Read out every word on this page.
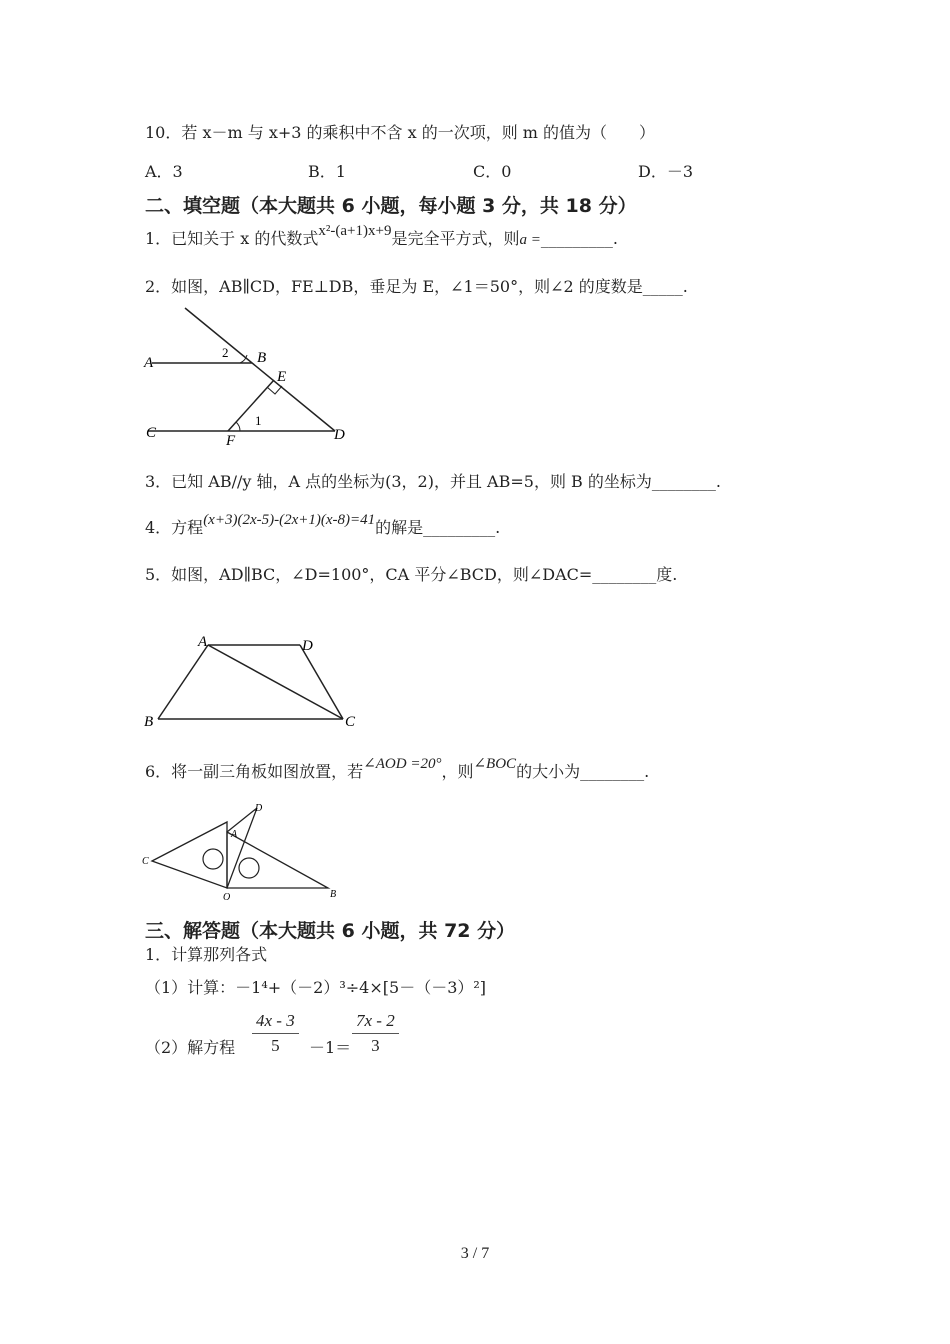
10．若 x－m 与 x+3 的乘积中不含 x 的一次项，则 m 的值为（　　）
A．3	B．1	C．0	D．－3
二、填空题（本大题共 6 小题，每小题 3 分，共 18 分）
1．已知关于 x 的代数式x²-(a+1)x+9是完全平方式，则a =_________.
2．如图，AB∥CD，FE⊥DB，垂足为 E，∠1＝50°，则∠2 的度数是_____.
A	B
C	D
E
F
1
2
3．已知 AB//y 轴，A 点的坐标为(3，2)，并且 AB=5，则 B 的坐标为________.
4．方程(x+3)(2x-5)-(2x+1)(x-8)=41的解是_________.
5．如图，AD∥BC，∠D=100°，CA 平分∠BCD，则∠DAC=________度.
A
B	C
D
6．将一副三角板如图放置，若∠AOD =20°，则∠BOC的大小为________.
A
B
C
D
O
三、解答题（本大题共 6 小题，共 72 分）
1．计算那列各式
（1）计算：－1⁴+（－2）³÷4×[5－（－3）²]
（2）解方程
4x - 3
5	－1＝
7x - 2
3
3 / 7
